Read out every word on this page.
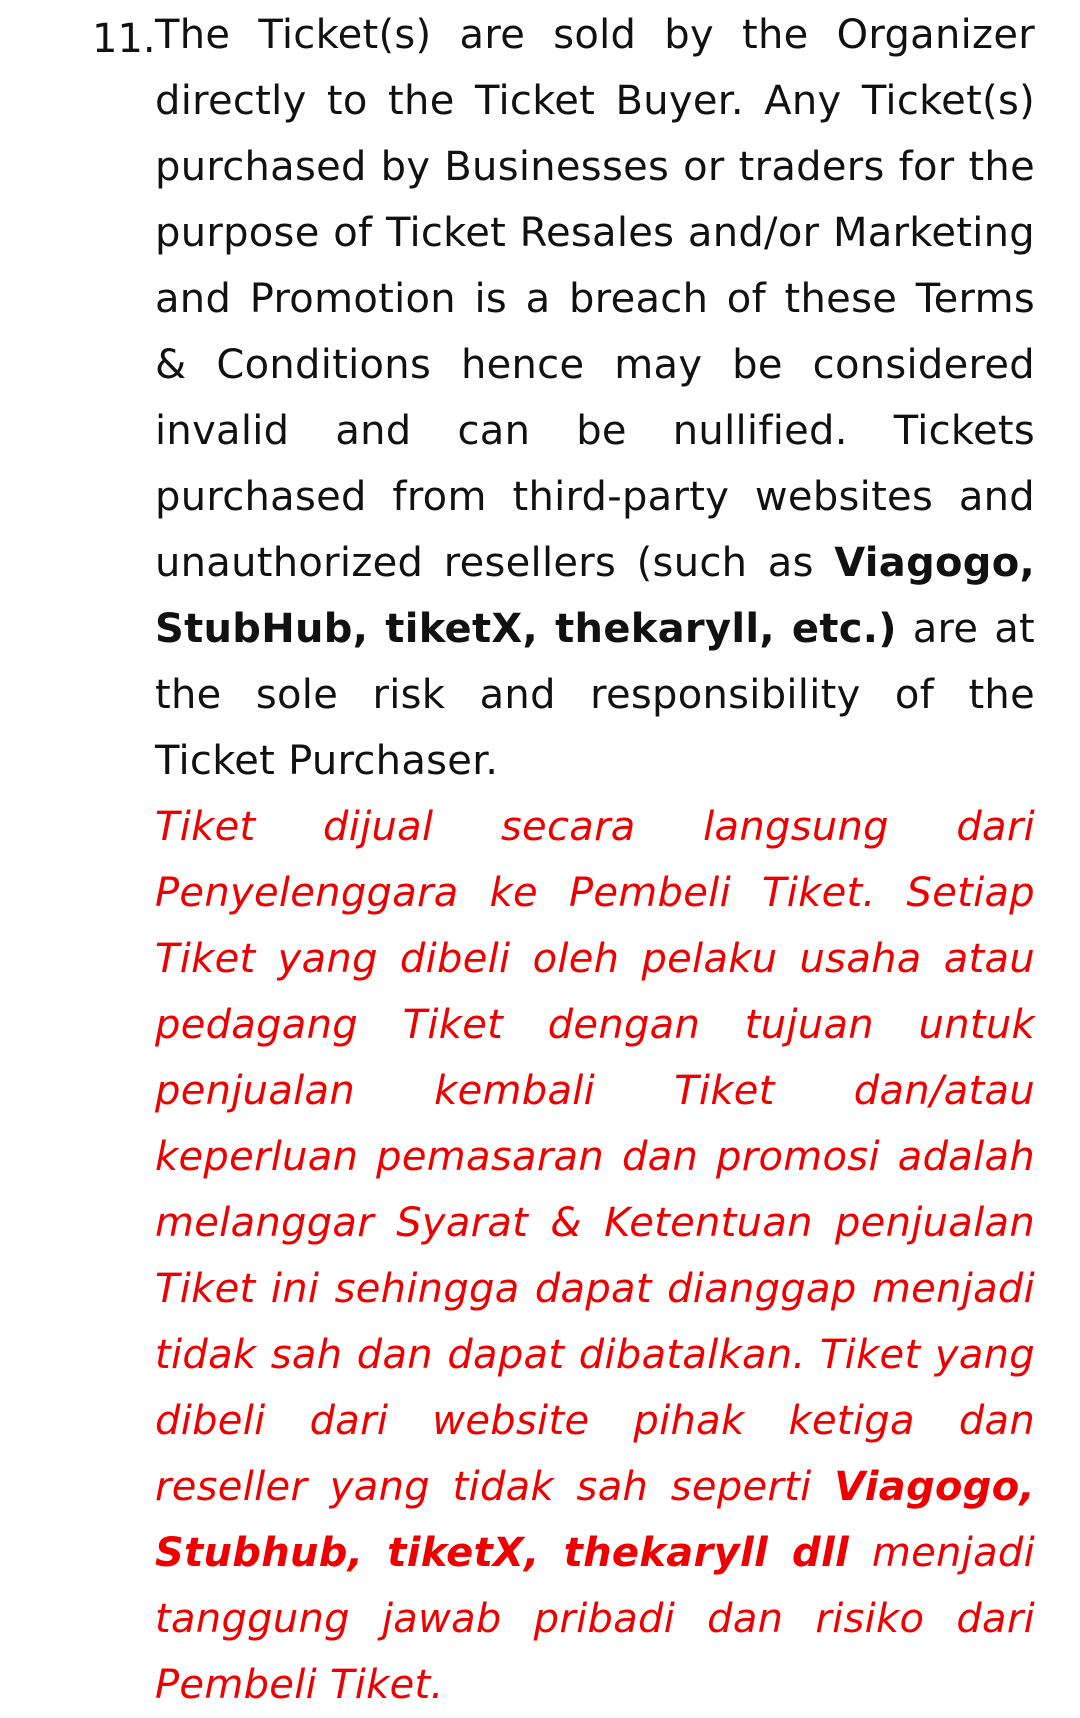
11. The Ticket(s) are sold by the Organizer directly to the Ticket Buyer. Any Ticket(s) purchased by Businesses or traders for the purpose of Ticket Resales and/or Marketing and Promotion is a breach of these Terms & Conditions hence may be considered invalid and can be nullified. Tickets purchased from third-party websites and unauthorized resellers (such as Viagogo, StubHub, tiketX, thekaryll, etc.) are at the sole risk and responsibility of the Ticket Purchaser.

Tiket dijual secara langsung dari Penyelenggara ke Pembeli Tiket. Setiap Tiket yang dibeli oleh pelaku usaha atau pedagang Tiket dengan tujuan untuk penjualan kembali Tiket dan/atau keperluan pemasaran dan promosi adalah melanggar Syarat & Ketentuan penjualan Tiket ini sehingga dapat dianggap menjadi tidak sah dan dapat dibatalkan. Tiket yang dibeli dari website pihak ketiga dan reseller yang tidak sah seperti Viagogo, Stubhub, tiketX, thekaryll dll menjadi tanggung jawab pribadi dan risiko dari Pembeli Tiket.
